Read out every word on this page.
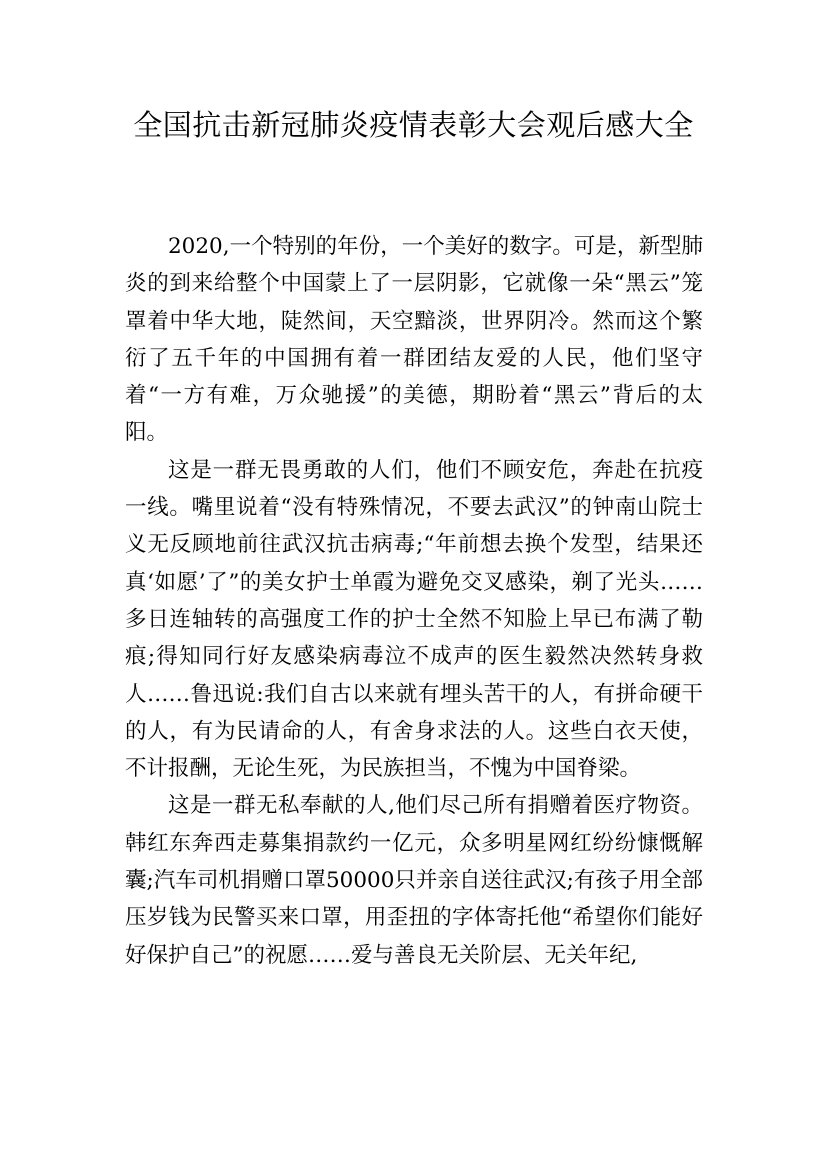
全国抗击新冠肺炎疫情表彰大会观后感大全

2020,一个特别的年份，一个美好的数字。可是，新型肺炎的到来给整个中国蒙上了一层阴影，它就像一朵“黑云”笼罩着中华大地，陡然间，天空黯淡，世界阴冷。然而这个繁衍了五千年的中国拥有着一群团结友爱的人民，他们坚守着“一方有难，万众驰援”的美德，期盼着“黑云”背后的太阳。

这是一群无畏勇敢的人们，他们不顾安危，奔赴在抗疫一线。嘴里说着“没有特殊情况，不要去武汉”的钟南山院士义无反顾地前往武汉抗击病毒;“年前想去换个发型，结果还真‘如愿’了”的美女护士单霞为避免交叉感染，剃了光头……多日连轴转的高强度工作的护士全然不知脸上早已布满了勒痕;得知同行好友感染病毒泣不成声的医生毅然决然转身救人……鲁迅说:我们自古以来就有埋头苦干的人，有拼命硬干的人，有为民请命的人，有舍身求法的人。这些白衣天使，不计报酬，无论生死，为民族担当，不愧为中国脊梁。

这是一群无私奉献的人,他们尽己所有捐赠着医疗物资。韩红东奔西走募集捐款约一亿元，众多明星网红纷纷慷慨解囊;汽车司机捐赠口罩50000只并亲自送往武汉;有孩子用全部压岁钱为民警买来口罩，用歪扭的字体寄托他“希望你们能好好保护自己”的祝愿……爱与善良无关阶层、无关年纪,
